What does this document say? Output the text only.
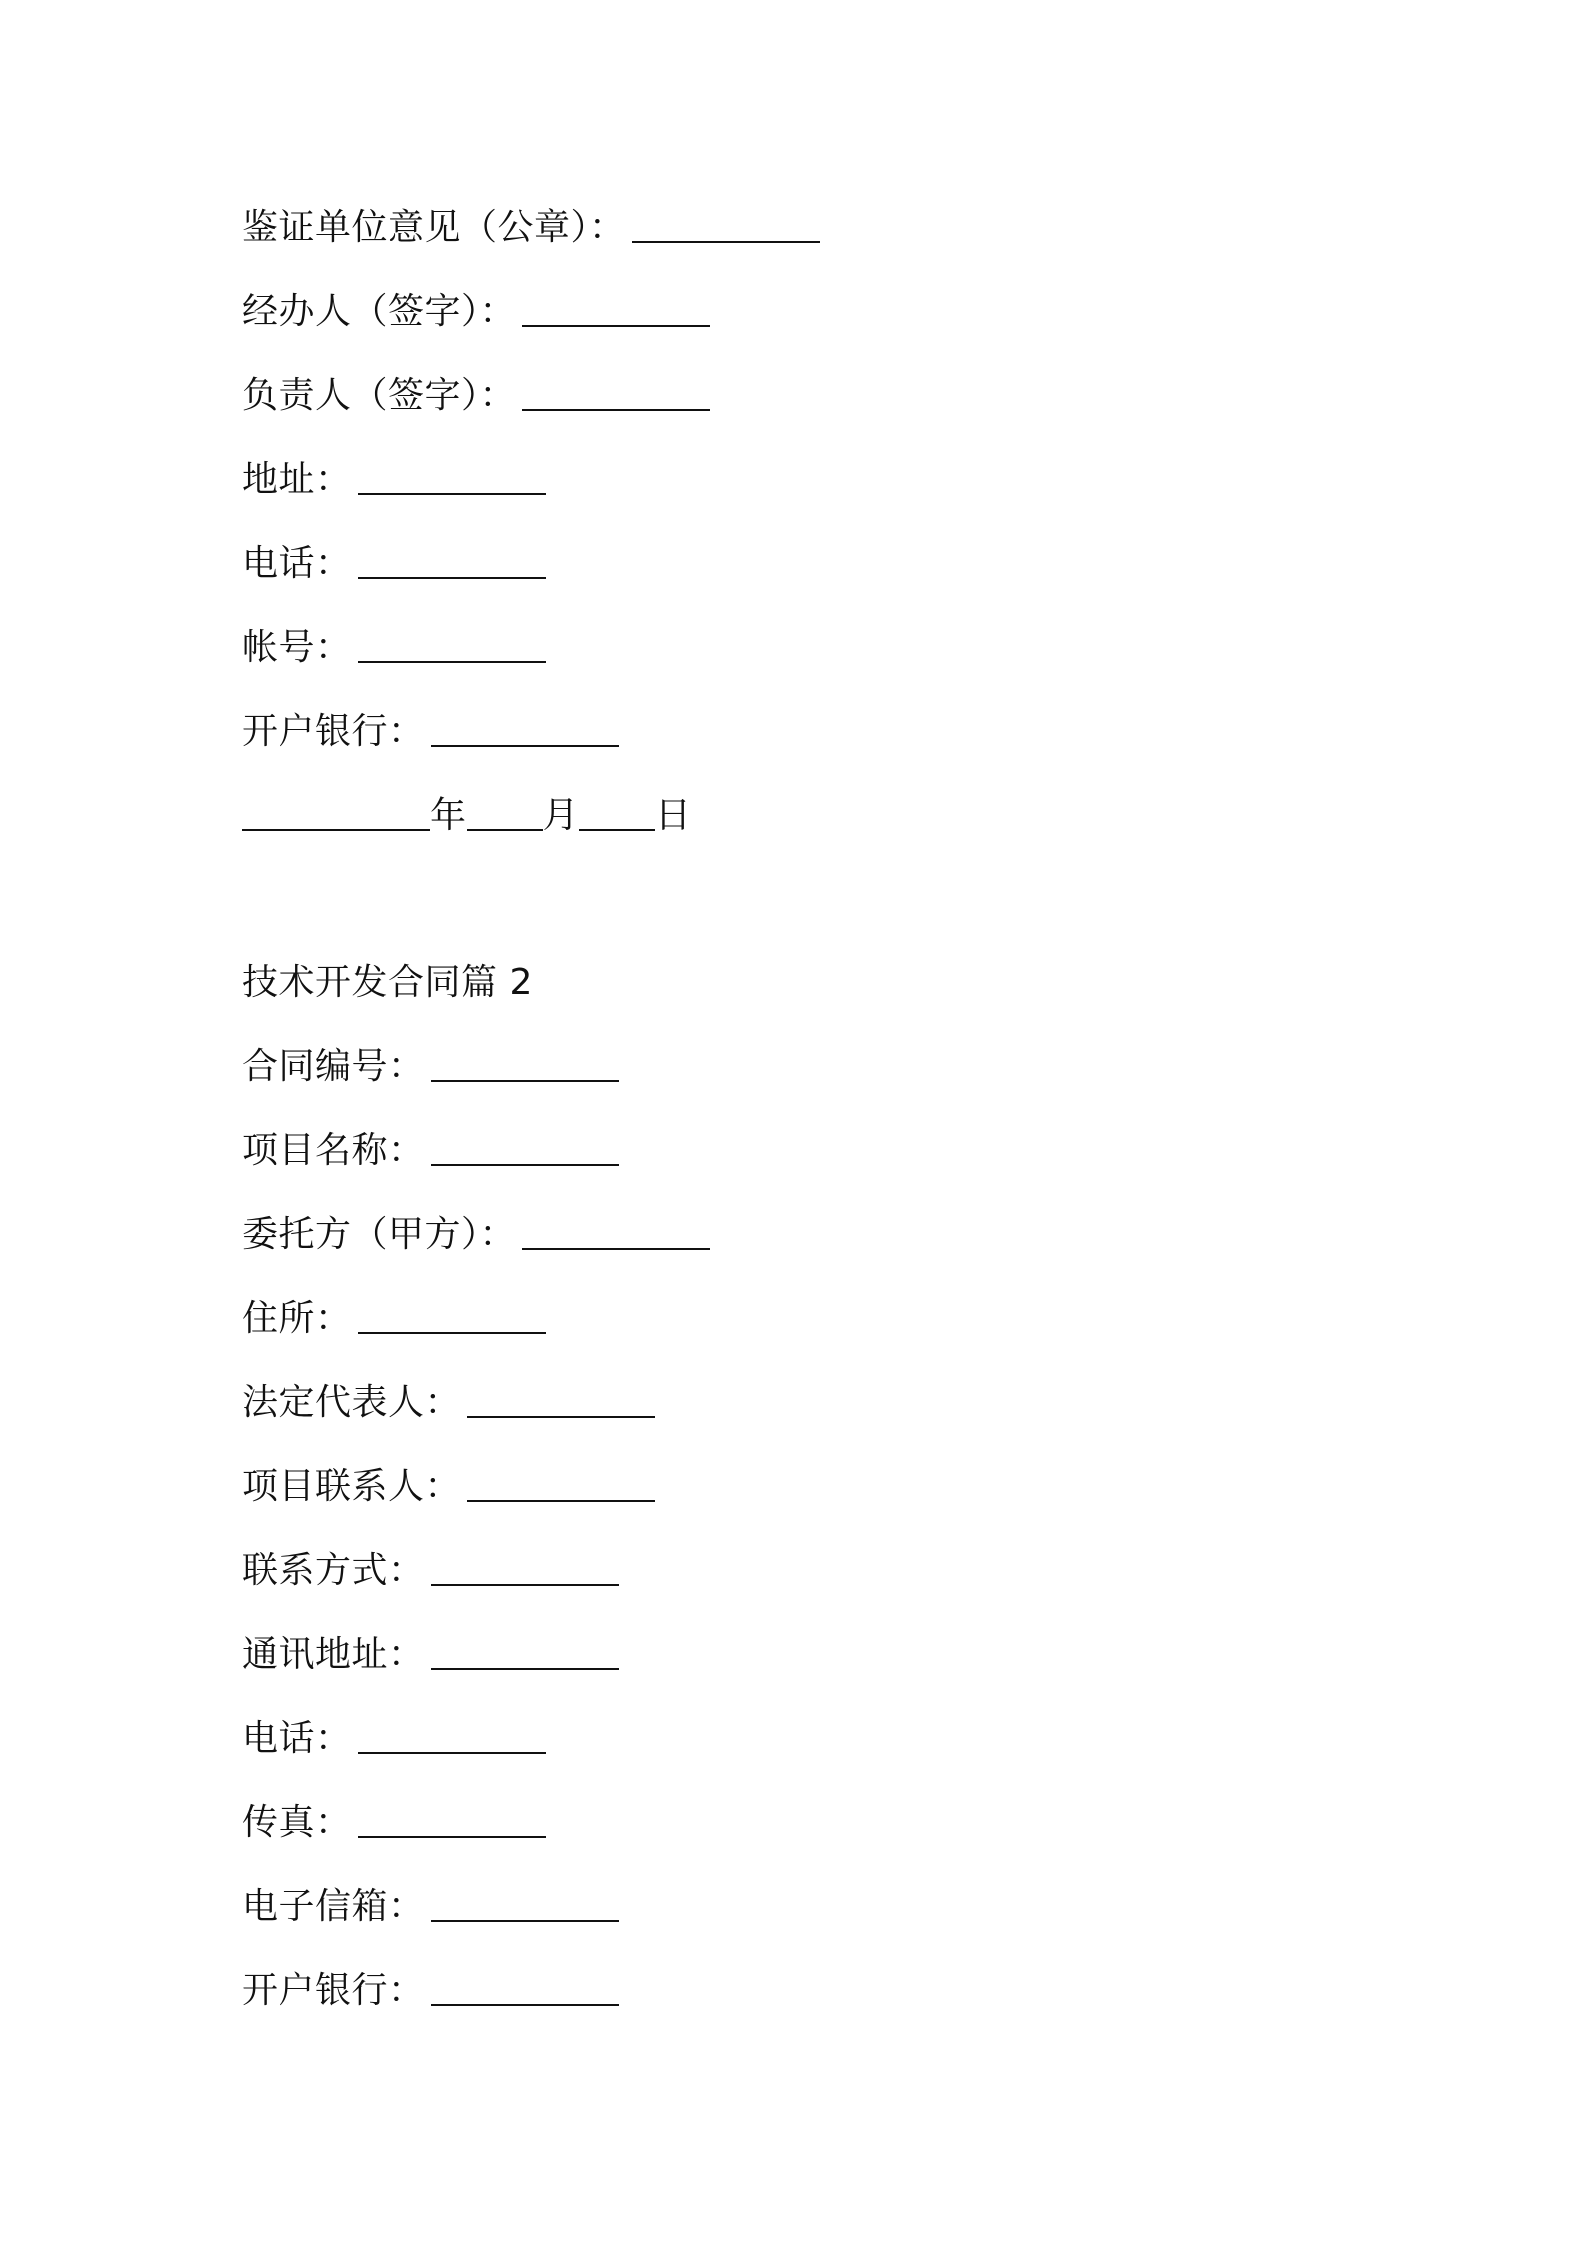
鉴证单位意见（公章）：
经办人（签字）：
负责人（签字）：
地址：
电话：
帐号：
开户银行：
年 月 日
技术开发合同篇 2
合同编号：
项目名称：
委托方（甲方）：
住所：
法定代表人：
项目联系人：
联系方式：
通讯地址：
电话：
传真：
电子信箱：
开户银行：
